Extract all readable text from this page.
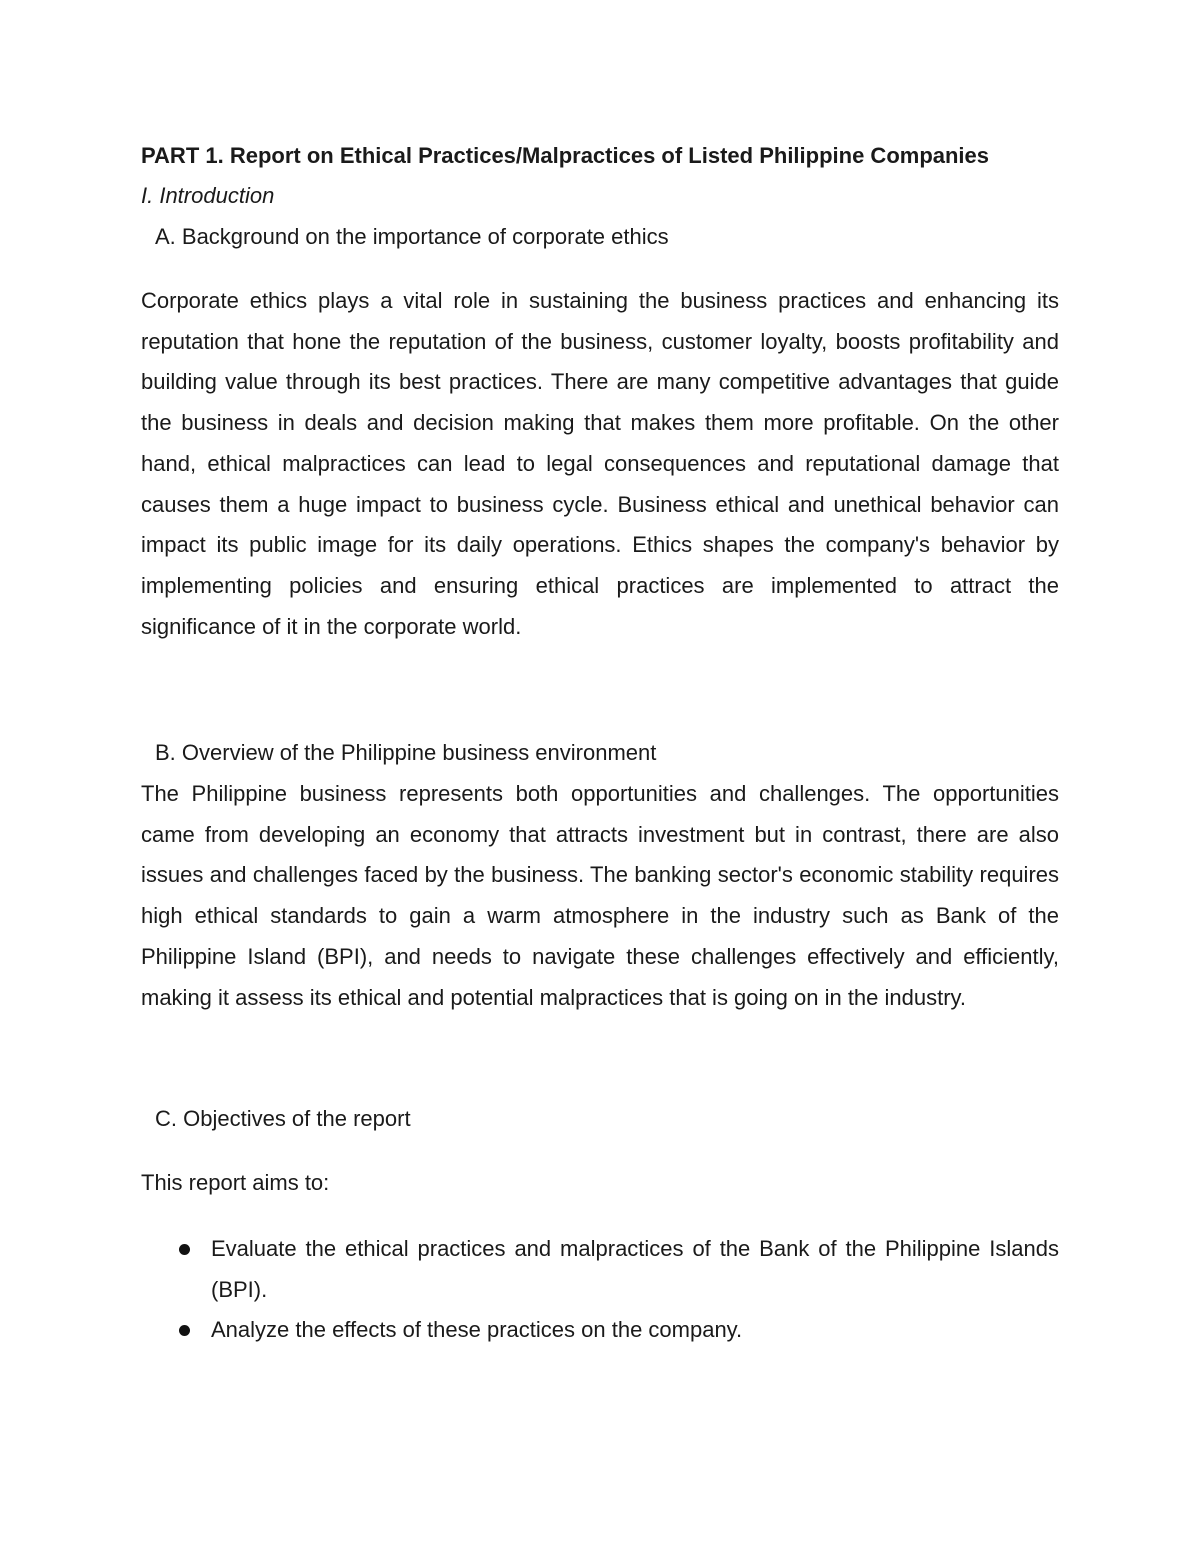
PART 1. Report on Ethical Practices/Malpractices of Listed Philippine Companies

I. Introduction

A. Background on the importance of corporate ethics

Corporate ethics plays a vital role in sustaining the business practices and enhancing its reputation that hone the reputation of the business, customer loyalty, boosts profitability and building value through its best practices. There are many competitive advantages that guide the business in deals and decision making that makes them more profitable. On the other hand, ethical malpractices can lead to legal consequences and reputational damage that causes them a huge impact to business cycle. Business ethical and unethical behavior can impact its public image for its daily operations. Ethics shapes the company's behavior by implementing policies and ensuring ethical practices are implemented to attract the significance of it in the corporate world.

B. Overview of the Philippine business environment

The Philippine business represents both opportunities and challenges. The opportunities came from developing an economy that attracts investment but in contrast, there are also issues and challenges faced by the business. The banking sector's economic stability requires high ethical standards to gain a warm atmosphere in the industry such as Bank of the Philippine Island (BPI), and needs to navigate these challenges effectively and efficiently, making it assess its ethical and potential malpractices that is going on in the industry.

C. Objectives of the report

This report aims to:

Evaluate the ethical practices and malpractices of the Bank of the Philippine Islands (BPI).
Analyze the effects of these practices on the company.
